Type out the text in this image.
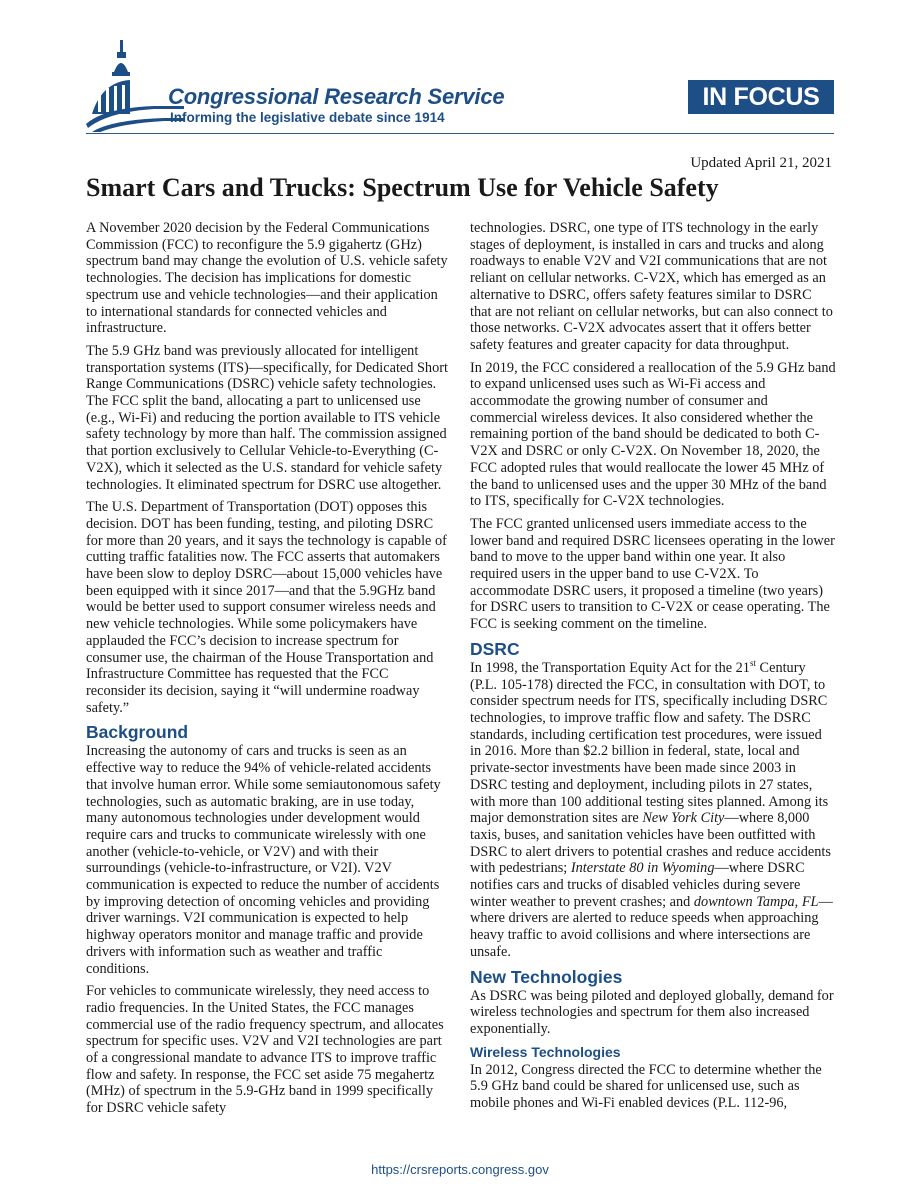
Congressional Research Service
Informing the legislative debate since 1914
IN FOCUS
Updated April 21, 2021
Smart Cars and Trucks: Spectrum Use for Vehicle Safety

A November 2020 decision by the Federal Communications Commission (FCC) to reconfigure the 5.9 gigahertz (GHz) spectrum band may change the evolution of U.S. vehicle safety technologies. The decision has implications for domestic spectrum use and vehicle technologies—and their application to international standards for connected vehicles and infrastructure.

The 5.9 GHz band was previously allocated for intelligent transportation systems (ITS)—specifically, for Dedicated Short Range Communications (DSRC) vehicle safety technologies. The FCC split the band, allocating a part to unlicensed use (e.g., Wi-Fi) and reducing the portion available to ITS vehicle safety technology by more than half. The commission assigned that portion exclusively to Cellular Vehicle-to-Everything (C-V2X), which it selected as the U.S. standard for vehicle safety technologies. It eliminated spectrum for DSRC use altogether.

The U.S. Department of Transportation (DOT) opposes this decision. DOT has been funding, testing, and piloting DSRC for more than 20 years, and it says the technology is capable of cutting traffic fatalities now. The FCC asserts that automakers have been slow to deploy DSRC—about 15,000 vehicles have been equipped with it since 2017—and that the 5.9GHz band would be better used to support consumer wireless needs and new vehicle technologies. While some policymakers have applauded the FCC’s decision to increase spectrum for consumer use, the chairman of the House Transportation and Infrastructure Committee has requested that the FCC reconsider its decision, saying it “will undermine roadway safety.”

Background

Increasing the autonomy of cars and trucks is seen as an effective way to reduce the 94% of vehicle-related accidents that involve human error. While some semiautonomous safety technologies, such as automatic braking, are in use today, many autonomous technologies under development would require cars and trucks to communicate wirelessly with one another (vehicle-to-vehicle, or V2V) and with their surroundings (vehicle-to-infrastructure, or V2I). V2V communication is expected to reduce the number of accidents by improving detection of oncoming vehicles and providing driver warnings. V2I communication is expected to help highway operators monitor and manage traffic and provide drivers with information such as weather and traffic conditions.

For vehicles to communicate wirelessly, they need access to radio frequencies. In the United States, the FCC manages commercial use of the radio frequency spectrum, and allocates spectrum for specific uses. V2V and V2I technologies are part of a congressional mandate to advance ITS to improve traffic flow and safety. In response, the FCC set aside 75 megahertz (MHz) of spectrum in the 5.9-GHz band in 1999 specifically for DSRC vehicle safety

technologies. DSRC, one type of ITS technology in the early stages of deployment, is installed in cars and trucks and along roadways to enable V2V and V2I communications that are not reliant on cellular networks. C-V2X, which has emerged as an alternative to DSRC, offers safety features similar to DSRC that are not reliant on cellular networks, but can also connect to those networks. C-V2X advocates assert that it offers better safety features and greater capacity for data throughput.

In 2019, the FCC considered a reallocation of the 5.9 GHz band to expand unlicensed uses such as Wi-Fi access and accommodate the growing number of consumer and commercial wireless devices. It also considered whether the remaining portion of the band should be dedicated to both C-V2X and DSRC or only C-V2X. On November 18, 2020, the FCC adopted rules that would reallocate the lower 45 MHz of the band to unlicensed uses and the upper 30 MHz of the band to ITS, specifically for C-V2X technologies.

The FCC granted unlicensed users immediate access to the lower band and required DSRC licensees operating in the lower band to move to the upper band within one year. It also required users in the upper band to use C-V2X. To accommodate DSRC users, it proposed a timeline (two years) for DSRC users to transition to C-V2X or cease operating. The FCC is seeking comment on the timeline.

DSRC

In 1998, the Transportation Equity Act for the 21st Century (P.L. 105-178) directed the FCC, in consultation with DOT, to consider spectrum needs for ITS, specifically including DSRC technologies, to improve traffic flow and safety. The DSRC standards, including certification test procedures, were issued in 2016. More than $2.2 billion in federal, state, local and private-sector investments have been made since 2003 in DSRC testing and deployment, including pilots in 27 states, with more than 100 additional testing sites planned. Among its major demonstration sites are New York City—where 8,000 taxis, buses, and sanitation vehicles have been outfitted with DSRC to alert drivers to potential crashes and reduce accidents with pedestrians; Interstate 80 in Wyoming—where DSRC notifies cars and trucks of disabled vehicles during severe winter weather to prevent crashes; and downtown Tampa, FL—where drivers are alerted to reduce speeds when approaching heavy traffic to avoid collisions and where intersections are unsafe.

New Technologies

As DSRC was being piloted and deployed globally, demand for wireless technologies and spectrum for them also increased exponentially.

Wireless Technologies

In 2012, Congress directed the FCC to determine whether the 5.9 GHz band could be shared for unlicensed use, such as mobile phones and Wi-Fi enabled devices (P.L. 112-96,

https://crsreports.congress.gov
